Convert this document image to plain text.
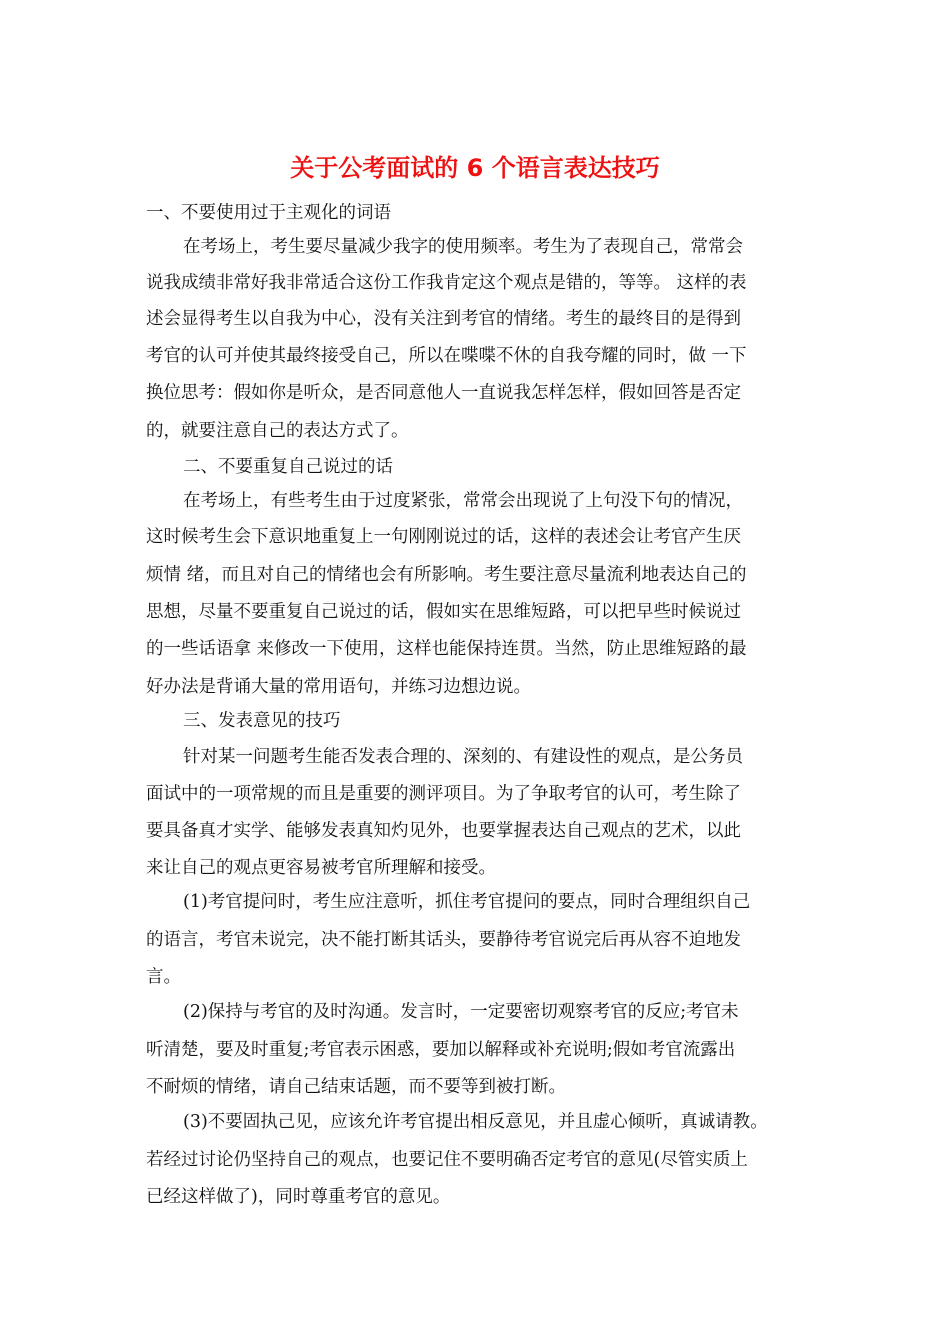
关于公考面试的 6 个语言表达技巧

一、不要使用过于主观化的词语

在考场上，考生要尽量减少我字的使用频率。考生为了表现自己，常常会

说我成绩非常好我非常适合这份工作我肯定这个观点是错的，等等。 这样的表

述会显得考生以自我为中心，没有关注到考官的情绪。考生的最终目的是得到

考官的认可并使其最终接受自己，所以在喋喋不休的自我夸耀的同时，做 一下

换位思考：假如你是听众，是否同意他人一直说我怎样怎样，假如回答是否定

的，就要注意自己的表达方式了。

二、不要重复自己说过的话

在考场上，有些考生由于过度紧张，常常会出现说了上句没下句的情况，

这时候考生会下意识地重复上一句刚刚说过的话，这样的表述会让考官产生厌

烦情 绪，而且对自己的情绪也会有所影响。考生要注意尽量流利地表达自己的

思想，尽量不要重复自己说过的话，假如实在思维短路，可以把早些时候说过

的一些话语拿 来修改一下使用，这样也能保持连贯。当然，防止思维短路的最

好办法是背诵大量的常用语句，并练习边想边说。

三、发表意见的技巧

针对某一问题考生能否发表合理的、深刻的、有建设性的观点，是公务员

面试中的一项常规的而且是重要的测评项目。为了争取考官的认可，考生除了

要具备真才实学、能够发表真知灼见外，也要掌握表达自己观点的艺术，以此

来让自己的观点更容易被考官所理解和接受。

(1)考官提问时，考生应注意听，抓住考官提问的要点，同时合理组织自己

的语言，考官未说完，决不能打断其话头，要静待考官说完后再从容不迫地发

言。

(2)保持与考官的及时沟通。发言时，一定要密切观察考官的反应;考官未

听清楚，要及时重复;考官表示困惑，要加以解释或补充说明;假如考官流露出

不耐烦的情绪，请自己结束话题，而不要等到被打断。

(3)不要固执己见，应该允许考官提出相反意见，并且虚心倾听，真诚请教。

若经过讨论仍坚持自己的观点，也要记住不要明确否定考官的意见(尽管实质上

已经这样做了)，同时尊重考官的意见。
